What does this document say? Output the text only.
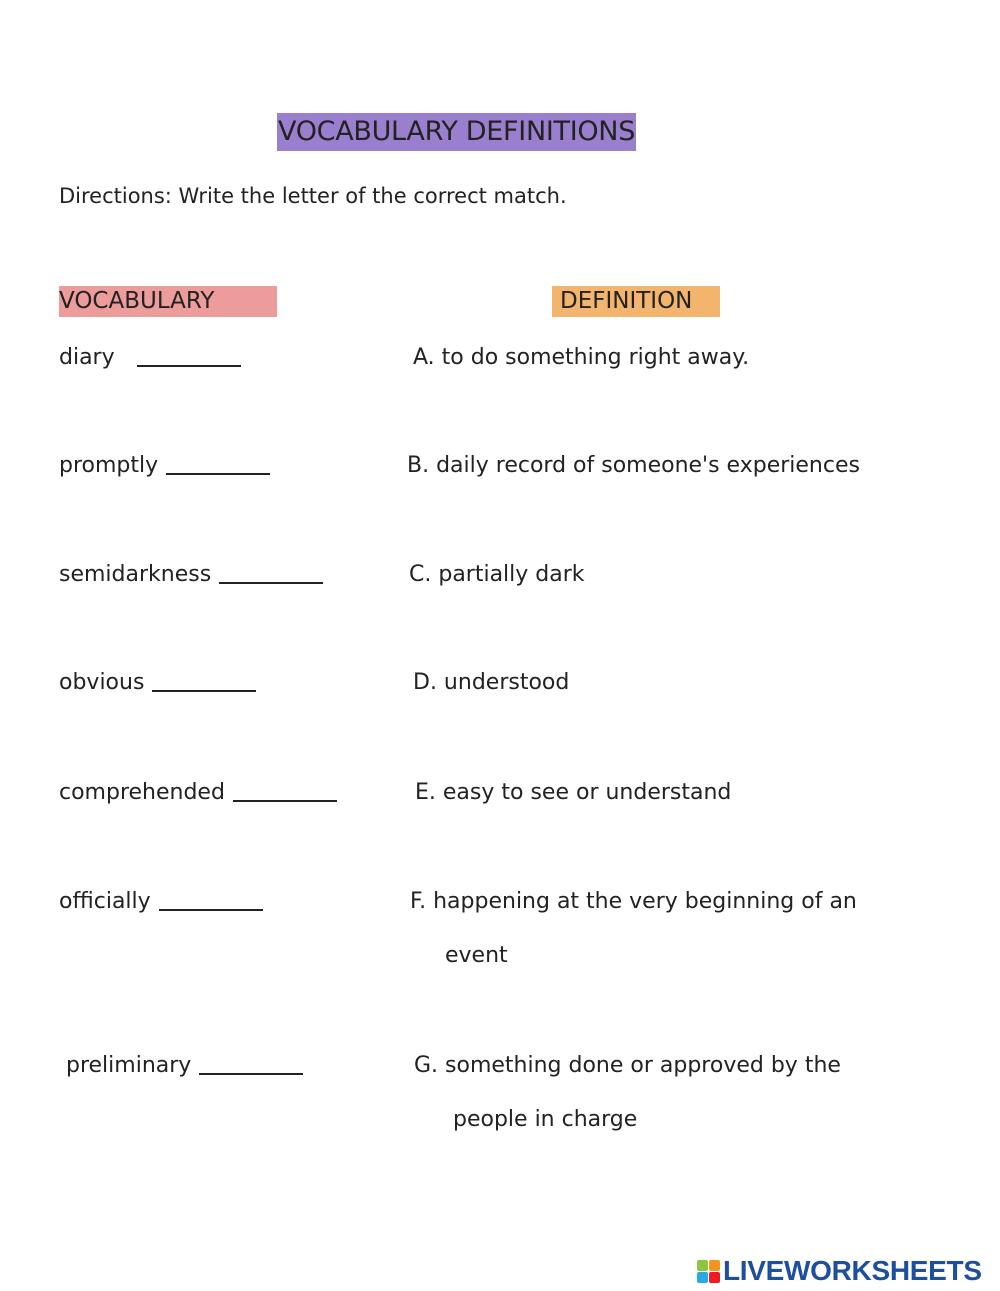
VOCABULARY DEFINITIONS
Directions: Write the letter of the correct match.
VOCABULARY	DEFINITION
diary
promptly
semidarkness
obvious
comprehended
officially
preliminary
A. to do something right away.
B. daily record of someone's experiences
C. partially dark
D. understood
E. easy to see or understand
F. happening at the very beginning of an
event
G. something done or approved by the
people in charge
LIVEWORKSHEETS
